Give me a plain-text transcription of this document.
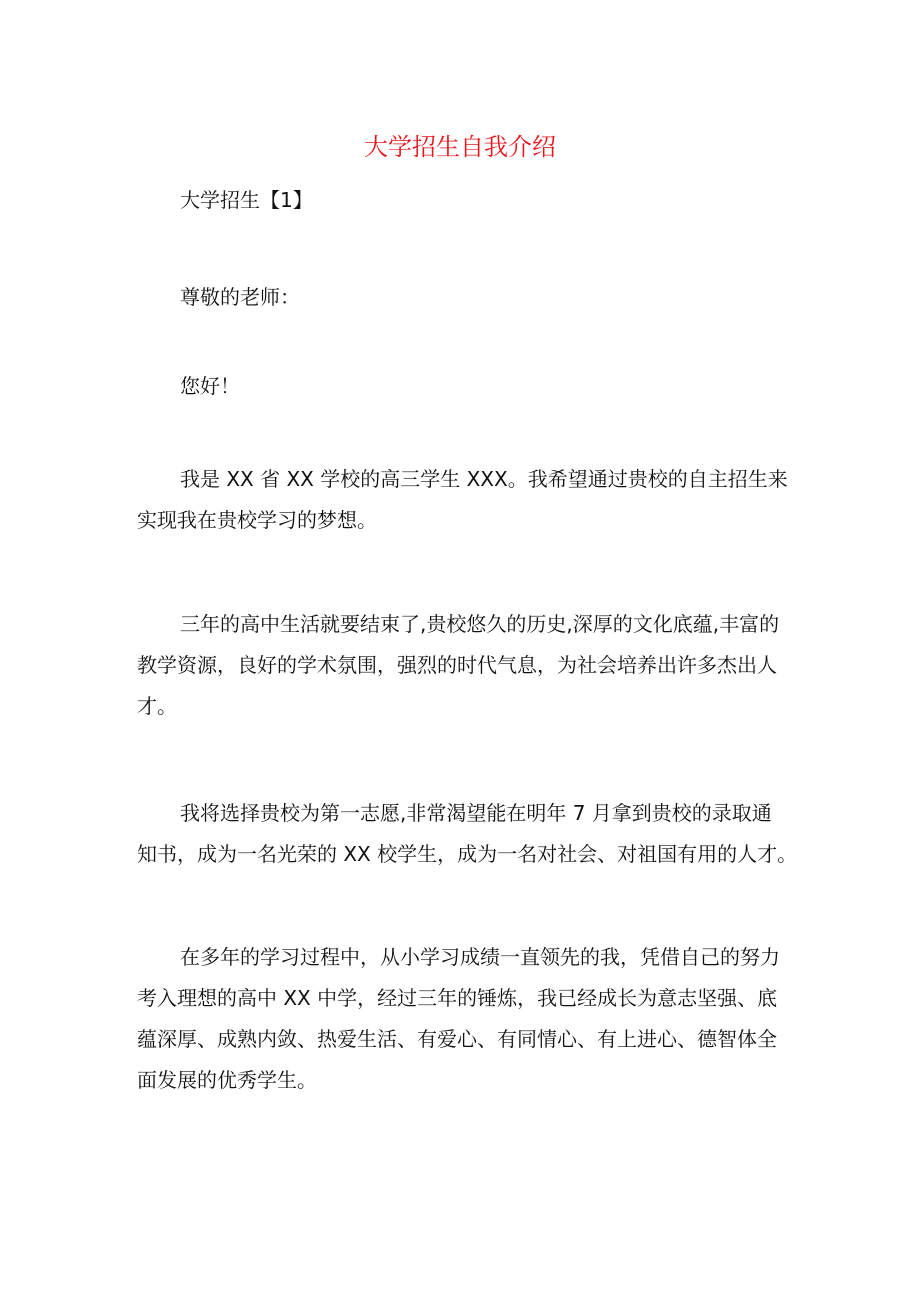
大学招生自我介绍
大学招生【1】
尊敬的老师：
您好！
我是 XX 省 XX 学校的高三学生 XXX。我希望通过贵校的自主招生来
实现我在贵校学习的梦想。
三年的高中生活就要结束了,贵校悠久的历史,深厚的文化底蕴,丰富的
教学资源，良好的学术氛围，强烈的时代气息，为社会培养出许多杰出人
才。
我将选择贵校为第一志愿,非常渴望能在明年 7 月拿到贵校的录取通
知书，成为一名光荣的 XX 校学生，成为一名对社会、对祖国有用的人才。
在多年的学习过程中，从小学习成绩一直领先的我，凭借自己的努力
考入理想的高中 XX 中学，经过三年的锤炼，我已经成长为意志坚强、底
蕴深厚、成熟内敛、热爱生活、有爱心、有同情心、有上进心、德智体全
面发展的优秀学生。
